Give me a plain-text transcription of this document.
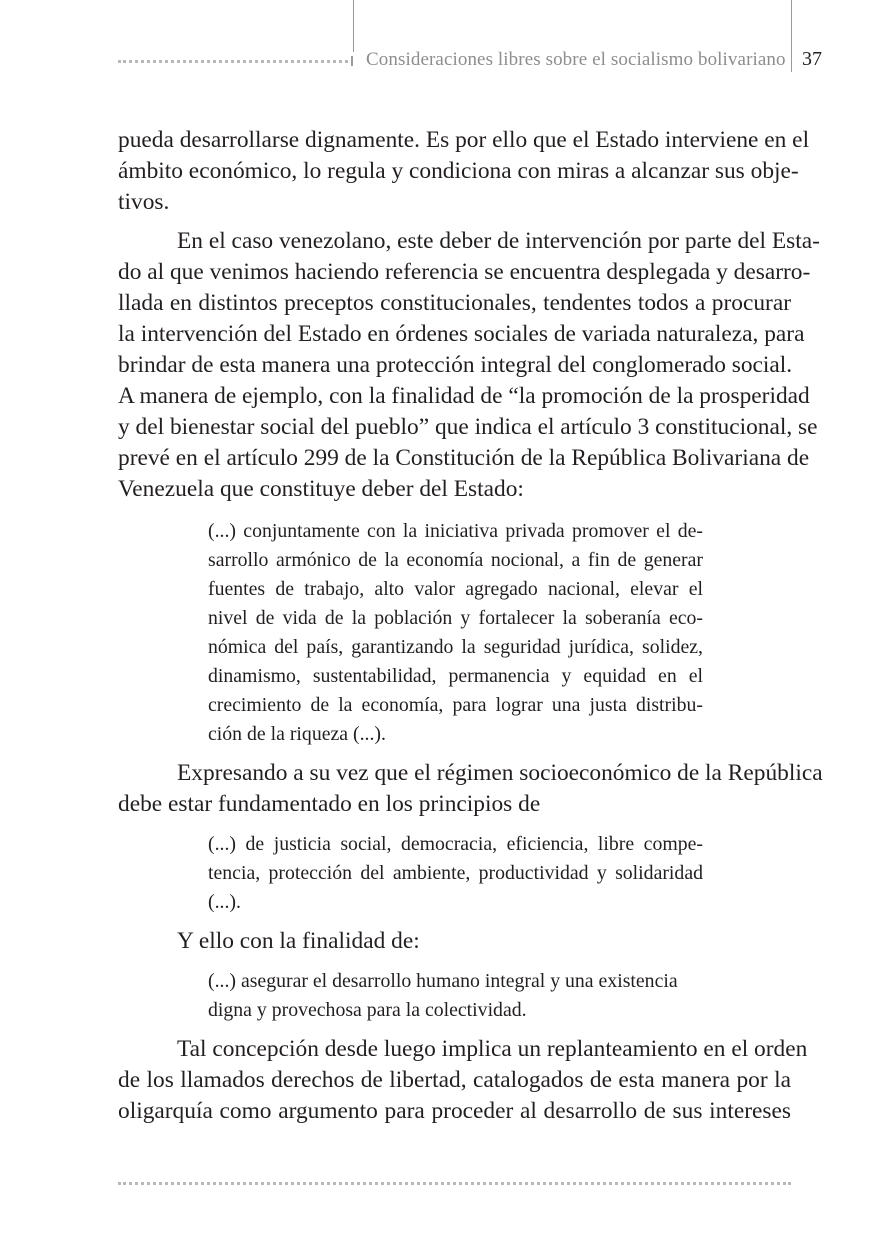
Consideraciones libres sobre el socialismo bolivariano 37
pueda desarrollarse dignamente. Es por ello que el Estado interviene en el
ámbito económico, lo regula y condiciona con miras a alcanzar sus obje-
tivos.
En el caso venezolano, este deber de intervención por parte del Esta-
do al que venimos haciendo referencia se encuentra desplegada y desarro-
llada en distintos preceptos constitucionales, tendentes todos a procurar
la intervención del Estado en órdenes sociales de variada naturaleza, para
brindar de esta manera una protección integral del conglomerado social.
A manera de ejemplo, con la finalidad de “la promoción de la prosperidad
y del bienestar social del pueblo” que indica el artículo 3 constitucional, se
prevé en el artículo 299 de la Constitución de la República Bolivariana de
Venezuela que constituye deber del Estado:
(...) conjuntamente con la iniciativa privada promover el de-
sarrollo armónico de la economía nocional, a fin de generar
fuentes de trabajo, alto valor agregado nacional, elevar el
nivel de vida de la población y fortalecer la soberanía eco-
nómica del país, garantizando la seguridad jurídica, solidez,
dinamismo, sustentabilidad, permanencia y equidad en el
crecimiento de la economía, para lograr una justa distribu-
ción de la riqueza (...).
Expresando a su vez que el régimen socioeconómico de la República
debe estar fundamentado en los principios de
(...) de justicia social, democracia, eficiencia, libre compe-
tencia, protección del ambiente, productividad y solidaridad
(...).
Y ello con la finalidad de:
(...) asegurar el desarrollo humano integral y una existencia
digna y provechosa para la colectividad.
Tal concepción desde luego implica un replanteamiento en el orden
de los llamados derechos de libertad, catalogados de esta manera por la
oligarquía como argumento para proceder al desarrollo de sus intereses
